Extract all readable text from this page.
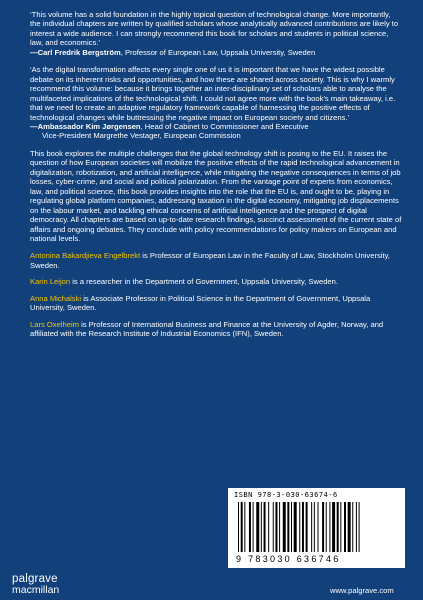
‘This volume has a solid foundation in the highly topical question of technological change. More importantly, the individual chapters are written by qualified scholars whose analytically advanced contributions are likely to interest a wide audience. I can strongly recommend this book for scholars and students in political science, law, and economics.’

—Carl Fredrik Bergström, Professor of European Law, Uppsala University, Sweden

‘As the digital transformation affects every single one of us it is important that we have the widest possible debate on its inherent risks and opportunities, and how these are shared across society. This is why I warmly recommend this volume: because it brings together an inter-disciplinary set of scholars able to analyse the multifaceted implications of the technological shift. I could not agree more with the book’s main takeaway, i.e. that we need to create an adaptive regulatory framework capable of harnessing the positive effects of technological changes while buttressing the negative impact on European society and citizens.’

—Ambassador Kim Jørgensen, Head of Cabinet to Commissioner and Executive

Vice-President Margrethe Vestager, European Commission

This book explores the multiple challenges that the global technology shift is posing to the EU. It raises the question of how European societies will mobilize the positive effects of the rapid technological advancement in digitalization, robotization, and artificial intelligence, while mitigating the negative consequences in terms of job losses, cyber-crime, and social and political polarization. From the vantage point of experts from economics, law, and political science, this book provides insights into the role that the EU is, and ought to be, playing in regulating global platform companies, addressing taxation in the digital economy, mitigating job displacements on the labour market, and tackling ethical concerns of artificial intelligence and the prospect of digital democracy. All chapters are based on up-to-date research findings, succinct assessment of the current state of affairs and ongoing debates. They conclude with policy recommendations for policy makers on European and national levels.

Antonina Bakardjieva Engelbrekt is Professor of European Law in the Faculty of Law, Stockholm University, Sweden.

Karin Leijon is a researcher in the Department of Government, Uppsala University, Sweden.

Anna Michalski is Associate Professor in Political Science in the Department of Government, Uppsala University, Sweden.

Lars Oxelheim is Professor of International Business and Finance at the University of Agder, Norway, and affiliated with the Research Institute of Industrial Economics (IFN), Sweden.

ISBN 978-3-030-63674-6
9 783030 636746
palgrave
macmillan	www.palgrave.com
